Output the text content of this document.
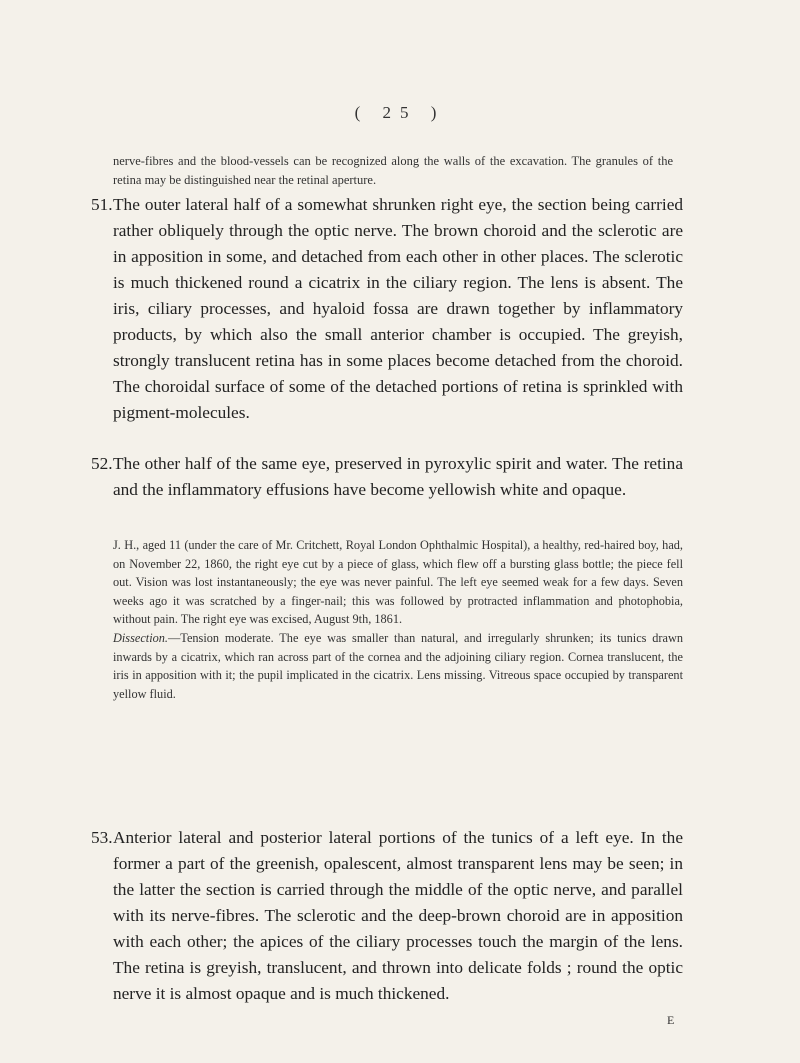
( 25 )
nerve-fibres and the blood-vessels can be recognized along the walls of the excavation. The granules of the retina may be distinguished near the retinal aperture.
51. The outer lateral half of a somewhat shrunken right eye, the section being carried rather obliquely through the optic nerve. The brown choroid and the sclerotic are in apposition in some, and detached from each other in other places. The sclerotic is much thickened round a cicatrix in the ciliary region. The lens is absent. The iris, ciliary processes, and hyaloid fossa are drawn together by inflammatory products, by which also the small anterior chamber is occupied. The greyish, strongly translucent retina has in some places become detached from the choroid. The choroidal surface of some of the detached portions of retina is sprinkled with pigment-molecules.
52. The other half of the same eye, preserved in pyroxylic spirit and water. The retina and the inflammatory effusions have become yellowish white and opaque.

J. H., aged 11 (under the care of Mr. Critchett, Royal London Ophthalmic Hospital), a healthy, red-haired boy, had, on November 22, 1860, the right eye cut by a piece of glass, which flew off a bursting glass bottle; the piece fell out. Vision was lost instantaneously; the eye was never painful. The left eye seemed weak for a few days. Seven weeks ago it was scratched by a finger-nail; this was followed by protracted inflammation and photophobia, without pain. The right eye was excised, August 9th, 1861.

Dissection.—Tension moderate. The eye was smaller than natural, and irregularly shrunken; its tunics drawn inwards by a cicatrix, which ran across part of the cornea and the adjoining ciliary region. Cornea translucent, the iris in apposition with it; the pupil implicated in the cicatrix. Lens missing. Vitreous space occupied by transparent yellow fluid.

53. Anterior lateral and posterior lateral portions of the tunics of a left eye. In the former a part of the greenish, opalescent, almost transparent lens may be seen; in the latter the section is carried through the middle of the optic nerve, and parallel with its nerve-fibres. The sclerotic and the deep-brown choroid are in apposition with each other; the apices of the ciliary processes touch the margin of the lens. The retina is greyish, translucent, and thrown into delicate folds ; round the optic nerve it is almost opaque and is much thickened.
E
